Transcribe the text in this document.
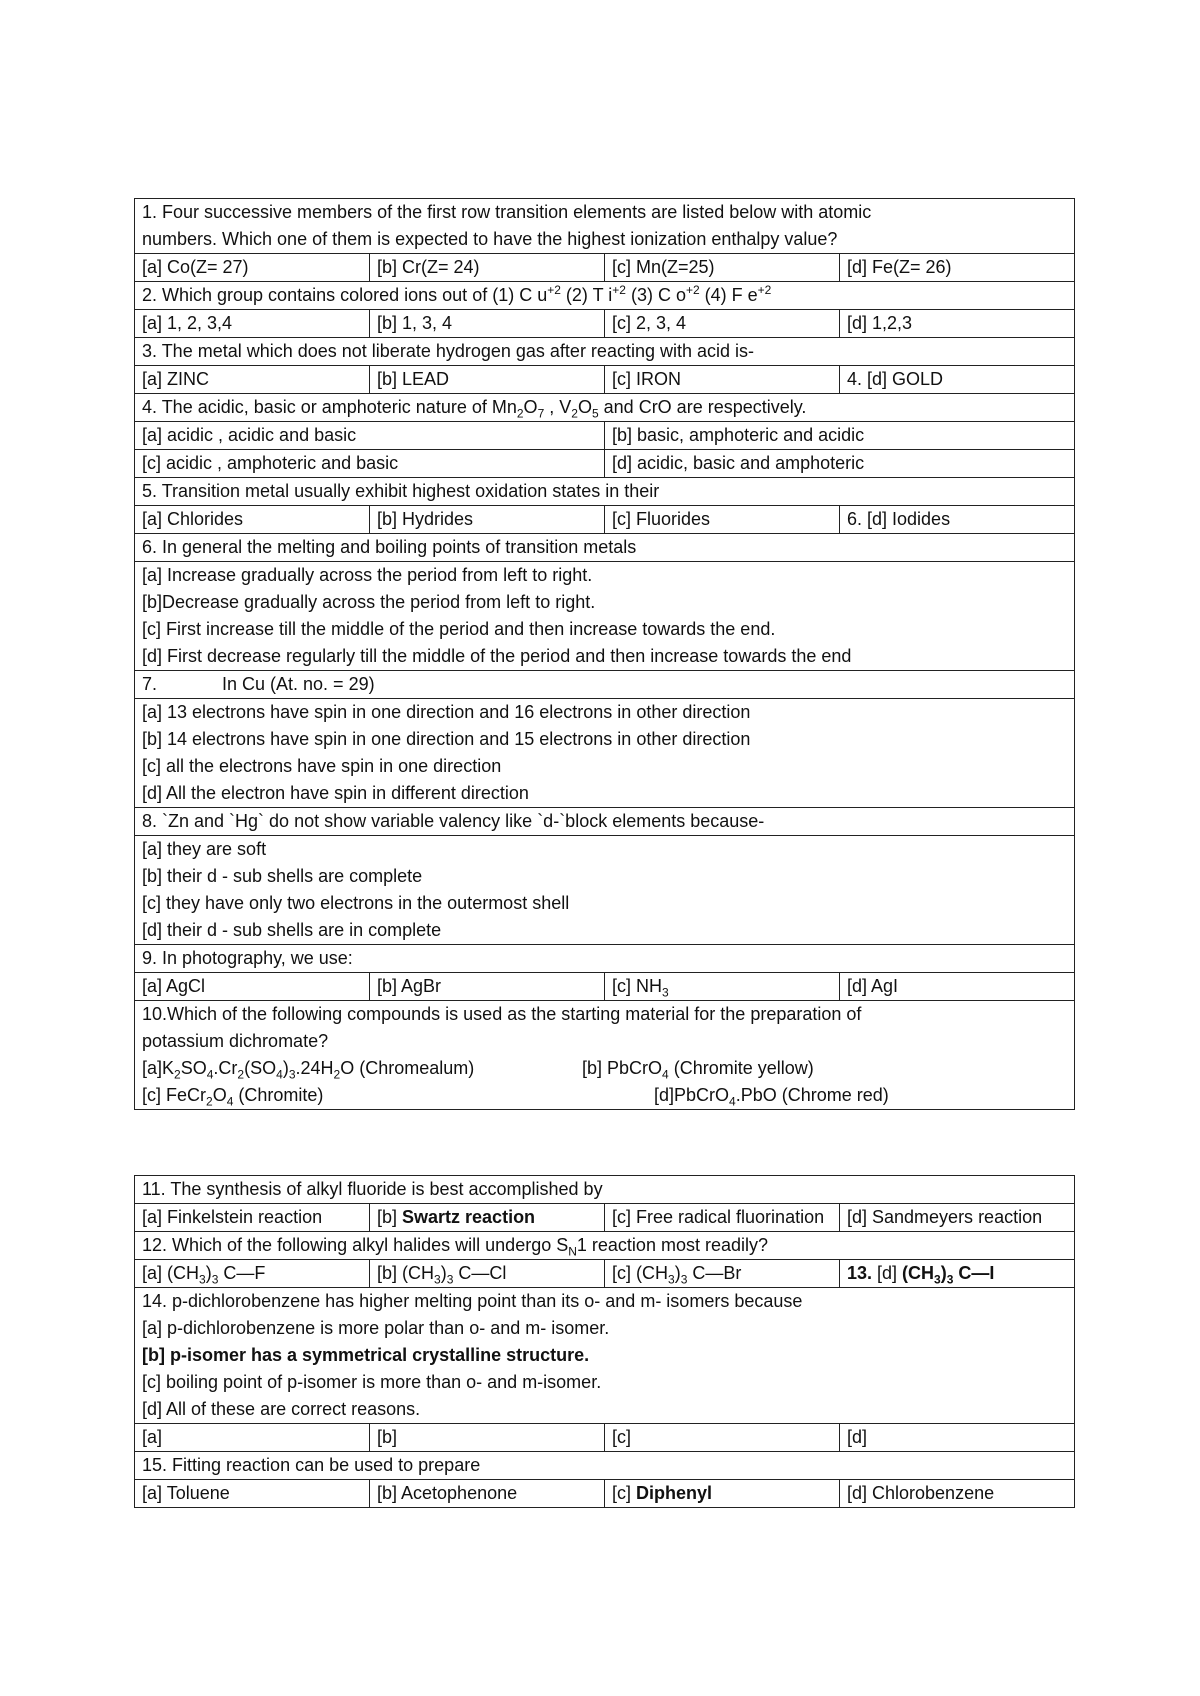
1. Four successive members of the first row transition elements are listed below with atomic
numbers. Which one of them is expected to have the highest ionization enthalpy value?			

[a] Co(Z= 27)	[b] Cr(Z= 24)	[c] Mn(Z=25)	[d] Fe(Z= 26)
2. Which group contains colored ions out of (1) C $u^{+2}$ (2) T $i^{+2}$ (3) C $o^{+2}$ (4) F $e^{+2}$
[a] 1, 2, 3,4	[b] 1, 3, 4	[c] 2, 3, 4	[d] 1,2,3
3. The metal which does not liberate hydrogen gas after reacting with acid is-			
[a] ZINC	[b] LEAD	[c] IRON	4. [d] GOLD
4. The acidic, basic or amphoteric nature of $Mn_2O_7$ , $V_2O_5$ and CrO are respectively.			
[a] acidic , acidic and basic		[b] basic, amphoteric and acidic	
[c] acidic , amphoteric and basic		[d] acidic, basic and amphoteric	
5. Transition metal usually exhibit highest oxidation states in their			
[a] Chlorides	[b] Hydrides	[c] Fluorides	6. [d] Iodides
6. In general the melting and boiling points of transition metals			

[a] Increase gradually across the period from left to right.
[b]Decrease gradually across the period from left to right.
[c] First increase till the middle of the period and then increase towards the end.
[d] First decrease regularly till the middle of the period and then increase towards the end			

7. In Cu (At. no. = 29)			

[a] 13 electrons have spin in one direction and 16 electrons in other direction
[b] 14 electrons have spin in one direction and 15 electrons in other direction
[c] all the electrons have spin in one direction
[d] All the electron have spin in different direction			

8. `Zn and `Hg` do not show variable valency like `d-`block elements because-			

[a] they are soft
[b] their d - sub shells are complete
[c] they have only two electrons in the outermost shell
[d] their d - sub shells are in complete			

9. In photography, we use:			
[a] AgCl	[b] AgBr	[c] $NH_3$	[d] AgI

10.Which of the following compounds is used as the starting material for the preparation of
potassium dichromate?
$[a]K_2SO_4.Cr_2(SO_4)_3.24H_2O$ (Chromealum) [b] PbCrO$_4$ (Chromite yellow)
[c] $FeCr_2O_4$ (Chromite) [d]PbCrO$_4$.PbO (Chrome red)			
11. The synthesis of alkyl fluoride is best accomplished by			
[a] Finkelstein reaction	[b] Swartz reaction	[c] Free radical fluorination	[d] Sandmeyers reaction
12. Which of the following alkyl halides will undergo $S_N1$ reaction most readily?			
[a] $(CH_3)_3$ C—F	[b] $(CH_3)_3$ C—Cl	[c] $(CH_3)_3$ C—Br	13. [d] $(CH_3)_3$ C—I

14. p-dichlorobenzene has higher melting point than its o- and m- isomers because
[a] p-dichlorobenzene is more polar than o- and m- isomer.
[b] p-isomer has a symmetrical crystalline structure.
[c] boiling point of p-isomer is more than o- and m-isomer.
[d] All of these are correct reasons.			

[a]	[b]	[c]	[d]
15. Fitting reaction can be used to prepare			
[a] Toluene	[b] Acetophenone	[c] Diphenyl	[d] Chlorobenzene
